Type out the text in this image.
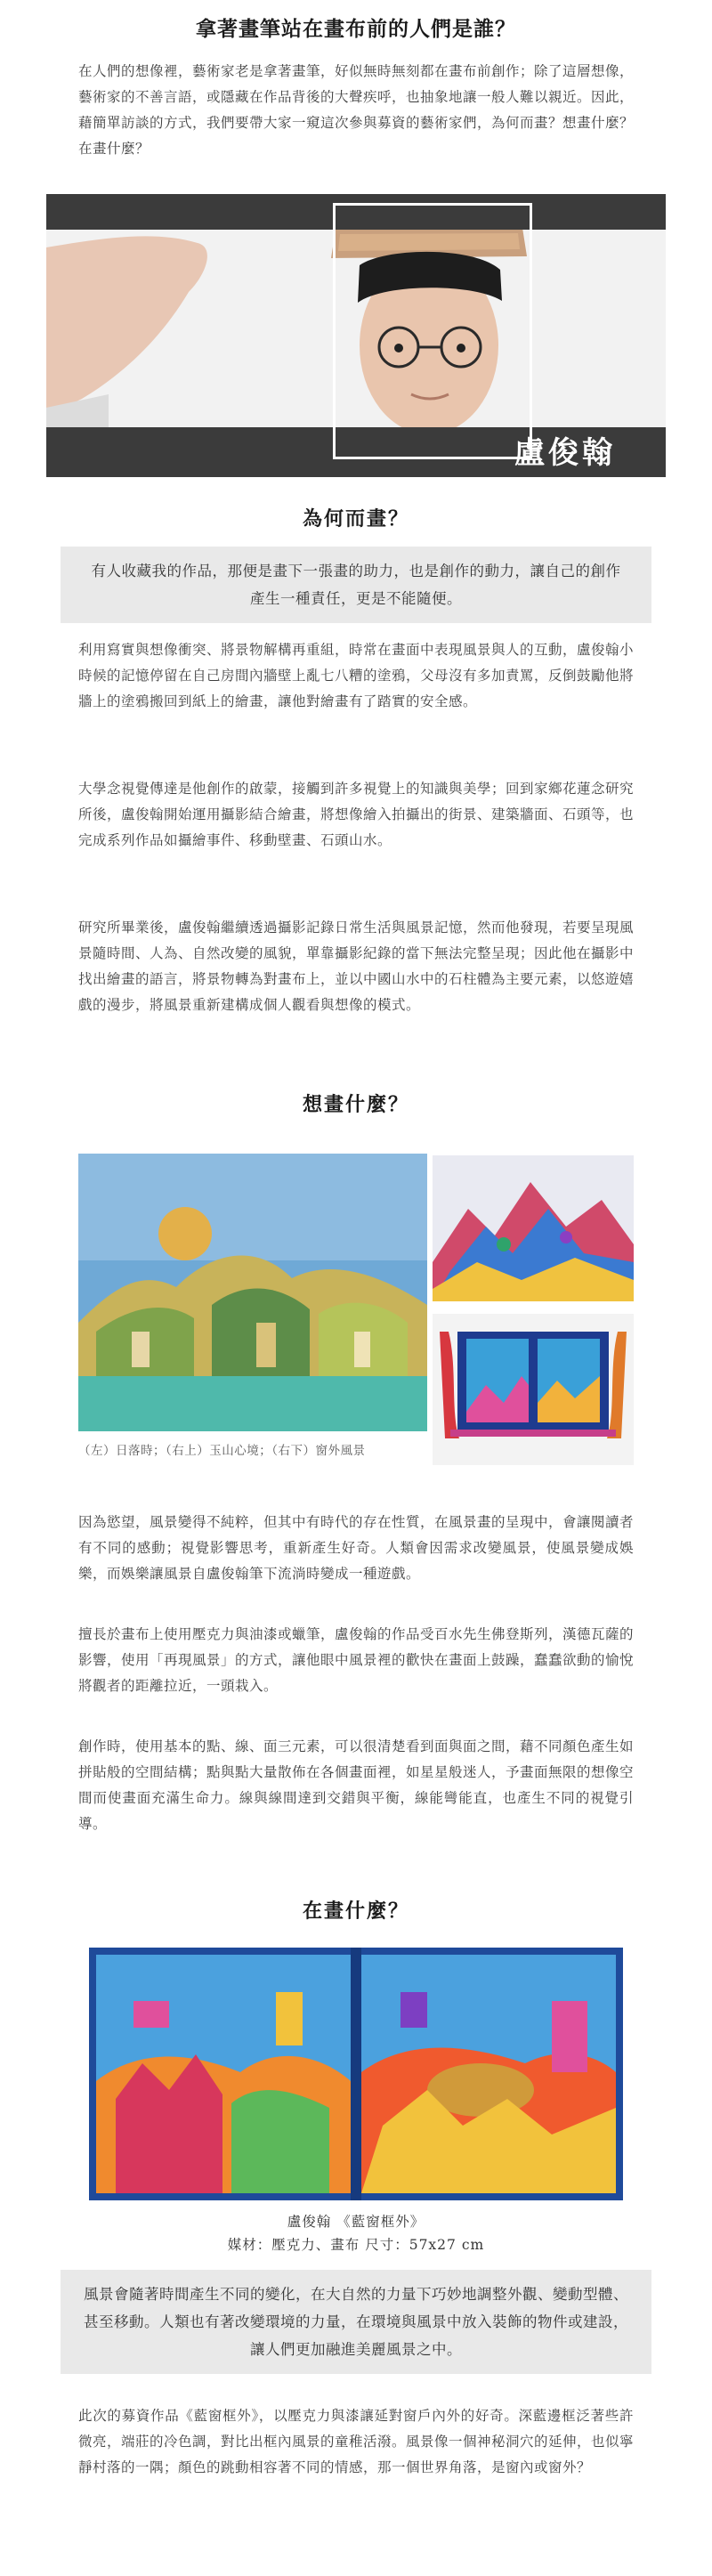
拿著畫筆站在畫布前的人們是誰？

在人們的想像裡，藝術家老是拿著畫筆，好似無時無刻都在畫布前創作；除了這層想像，藝術家的不善言語，或隱藏在作品背後的大聲疾呼，也抽象地讓一般人難以親近。因此，藉簡單訪談的方式，我們要帶大家一窺這次參與募資的藝術家們，為何而畫？想畫什麼？在畫什麼？

盧俊翰
為何而畫？
有人收藏我的作品，那便是畫下一張畫的助力，也是創作的動力，讓自己的創作產生一種責任，更是不能隨便。

利用寫實與想像衝突、將景物解構再重組，時常在畫面中表現風景與人的互動，盧俊翰小時候的記憶停留在自己房間內牆壁上亂七八糟的塗鴉，父母沒有多加責罵，反倒鼓勵他將牆上的塗鴉搬回到紙上的繪畫，讓他對繪畫有了踏實的安全感。

大學念視覺傳達是他創作的啟蒙，接觸到許多視覺上的知識與美學；回到家鄉花蓮念研究所後，盧俊翰開始運用攝影結合繪畫，將想像繪入拍攝出的街景、建築牆面、石頭等，也完成系列作品如攝繪事件、移動壁畫、石頭山水。

研究所畢業後，盧俊翰繼續透過攝影記錄日常生活與風景記憶，然而他發現，若要呈現風景隨時間、人為、自然改變的風貌，單靠攝影紀錄的當下無法完整呈現；因此他在攝影中找出繪畫的語言，將景物轉為對畫布上，並以中國山水中的石柱體為主要元素，以悠遊嬉戲的漫步，將風景重新建構成個人觀看與想像的模式。

想畫什麼？
（左）日落時；（右上）玉山心境；（右下）窗外風景

因為慾望，風景變得不純粹，但其中有時代的存在性質，在風景畫的呈現中，會讓閱讀者有不同的感動；視覺影響思考，重新產生好奇。人類會因需求改變風景，使風景變成娛樂，而娛樂讓風景自盧俊翰筆下流淌時變成一種遊戲。

擅長於畫布上使用壓克力與油漆或蠟筆，盧俊翰的作品受百水先生佛登斯列，漢德瓦薩的影響，使用「再現風景」的方式，讓他眼中風景裡的歡快在畫面上鼓躁，蠢蠢欲動的愉悅將觀者的距離拉近，一頭栽入。

創作時，使用基本的點、線、面三元素，可以很清楚看到面與面之間，藉不同顏色產生如拼貼般的空間結構；點與點大量散佈在各個畫面裡，如星星般迷人，予畫面無限的想像空間而使畫面充滿生命力。線與線間達到交錯與平衡，線能彎能直，也產生不同的視覺引導。

在畫什麼？
盧俊翰 《藍窗框外》
媒材：壓克力、畫布 尺寸：57x27 cm
風景會隨著時間產生不同的變化，在大自然的力量下巧妙地調整外觀、變動型體、甚至移動。人類也有著改變環境的力量，在環境與風景中放入裝飾的物件或建設，讓人們更加融進美麗風景之中。

此次的募資作品《藍窗框外》，以壓克力與漆讓延對窗戶內外的好奇。深藍邊框泛著些許微亮，端莊的冷色調，對比出框內風景的童稚活潑。風景像一個神秘洞穴的延伸，也似寧靜村落的一隅；顏色的跳動相容著不同的情感，那一個世界角落，是窗內或窗外？
